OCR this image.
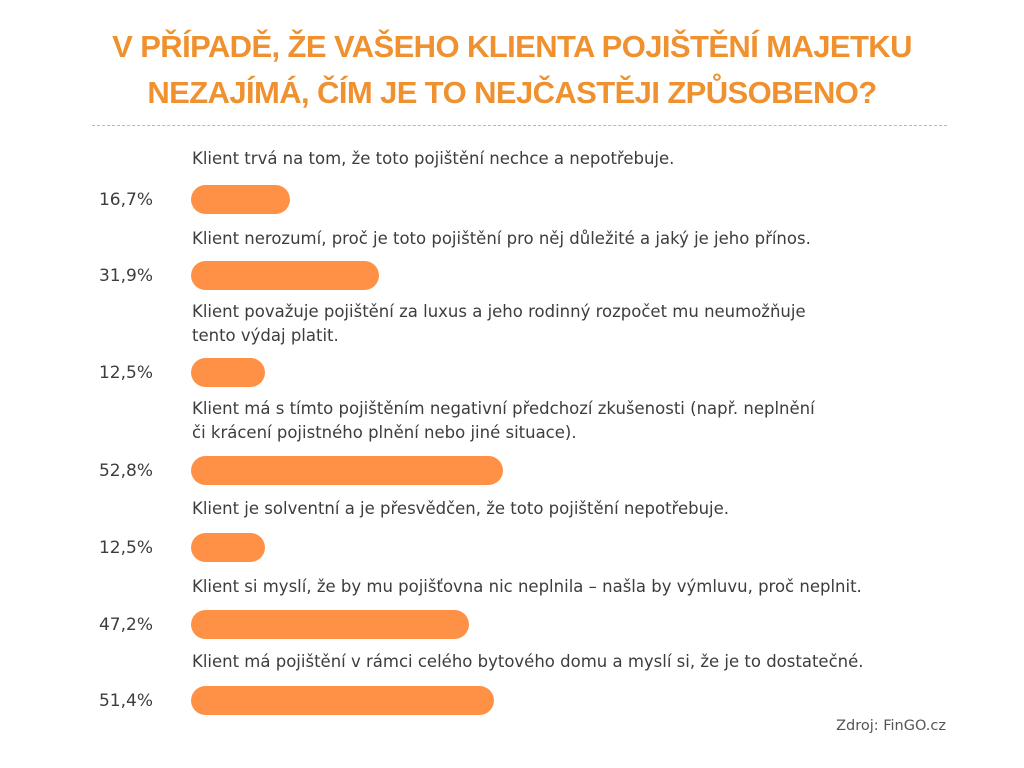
V PŘÍPADĚ, ŽE VAŠEHO KLIENTA POJIŠTĚNÍ MAJETKU
NEZAJÍMÁ, ČÍM JE TO NEJČASTĚJI ZPŮSOBENO?
Klient trvá na tom, že toto pojištění nechce a nepotřebuje.
16,7%
Klient nerozumí, proč je toto pojištění pro něj důležité a jaký je jeho přínos.
31,9%
Klient považuje pojištění za luxus a jeho rodinný rozpočet mu neumožňuje
tento výdaj platit.
12,5%
Klient má s tímto pojištěním negativní předchozí zkušenosti (např. neplnění
či krácení pojistného plnění nebo jiné situace).
52,8%
Klient je solventní a je přesvědčen, že toto pojištění nepotřebuje.
12,5%
Klient si myslí, že by mu pojišťovna nic neplnila – našla by výmluvu, proč neplnit.
47,2%
Klient má pojištění v rámci celého bytového domu a myslí si, že je to dostatečné.
51,4%
Zdroj: FinGO.cz
